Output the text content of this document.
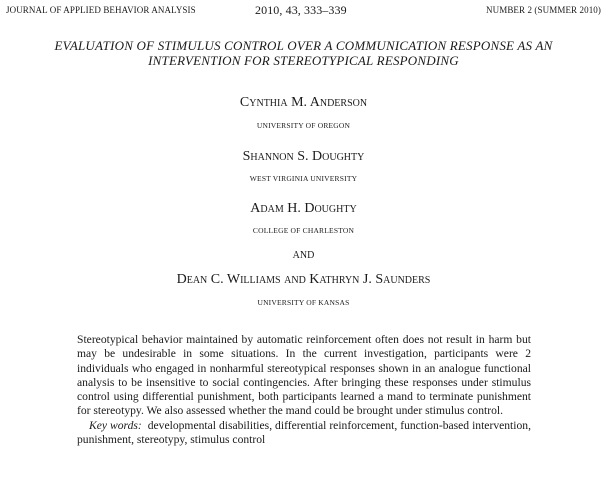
JOURNAL OF APPLIED BEHAVIOR ANALYSIS	2010, 43, 333–339	NUMBER 2 (SUMMER 2010)
EVALUATION OF STIMULUS CONTROL OVER A COMMUNICATION RESPONSE AS AN INTERVENTION FOR STEREOTYPICAL RESPONDING
Cynthia M. Anderson
UNIVERSITY OF OREGON
Shannon S. Doughty
WEST VIRGINIA UNIVERSITY
Adam H. Doughty
COLLEGE OF CHARLESTON
AND
Dean C. Williams and Kathryn J. Saunders
UNIVERSITY OF KANSAS

Stereotypical behavior maintained by automatic reinforcement often does not result in harm but may be undesirable in some situations. In the current investigation, participants were 2 individuals who engaged in nonharmful stereotypical responses shown in an analogue functional analysis to be insensitive to social contingencies. After bringing these responses under stimulus control using differential punishment, both participants learned a mand to terminate punishment for stereotypy. We also assessed whether the mand could be brought under stimulus control.

Key words: developmental disabilities, differential reinforcement, function-based intervention, punishment, stereotypy, stimulus control
